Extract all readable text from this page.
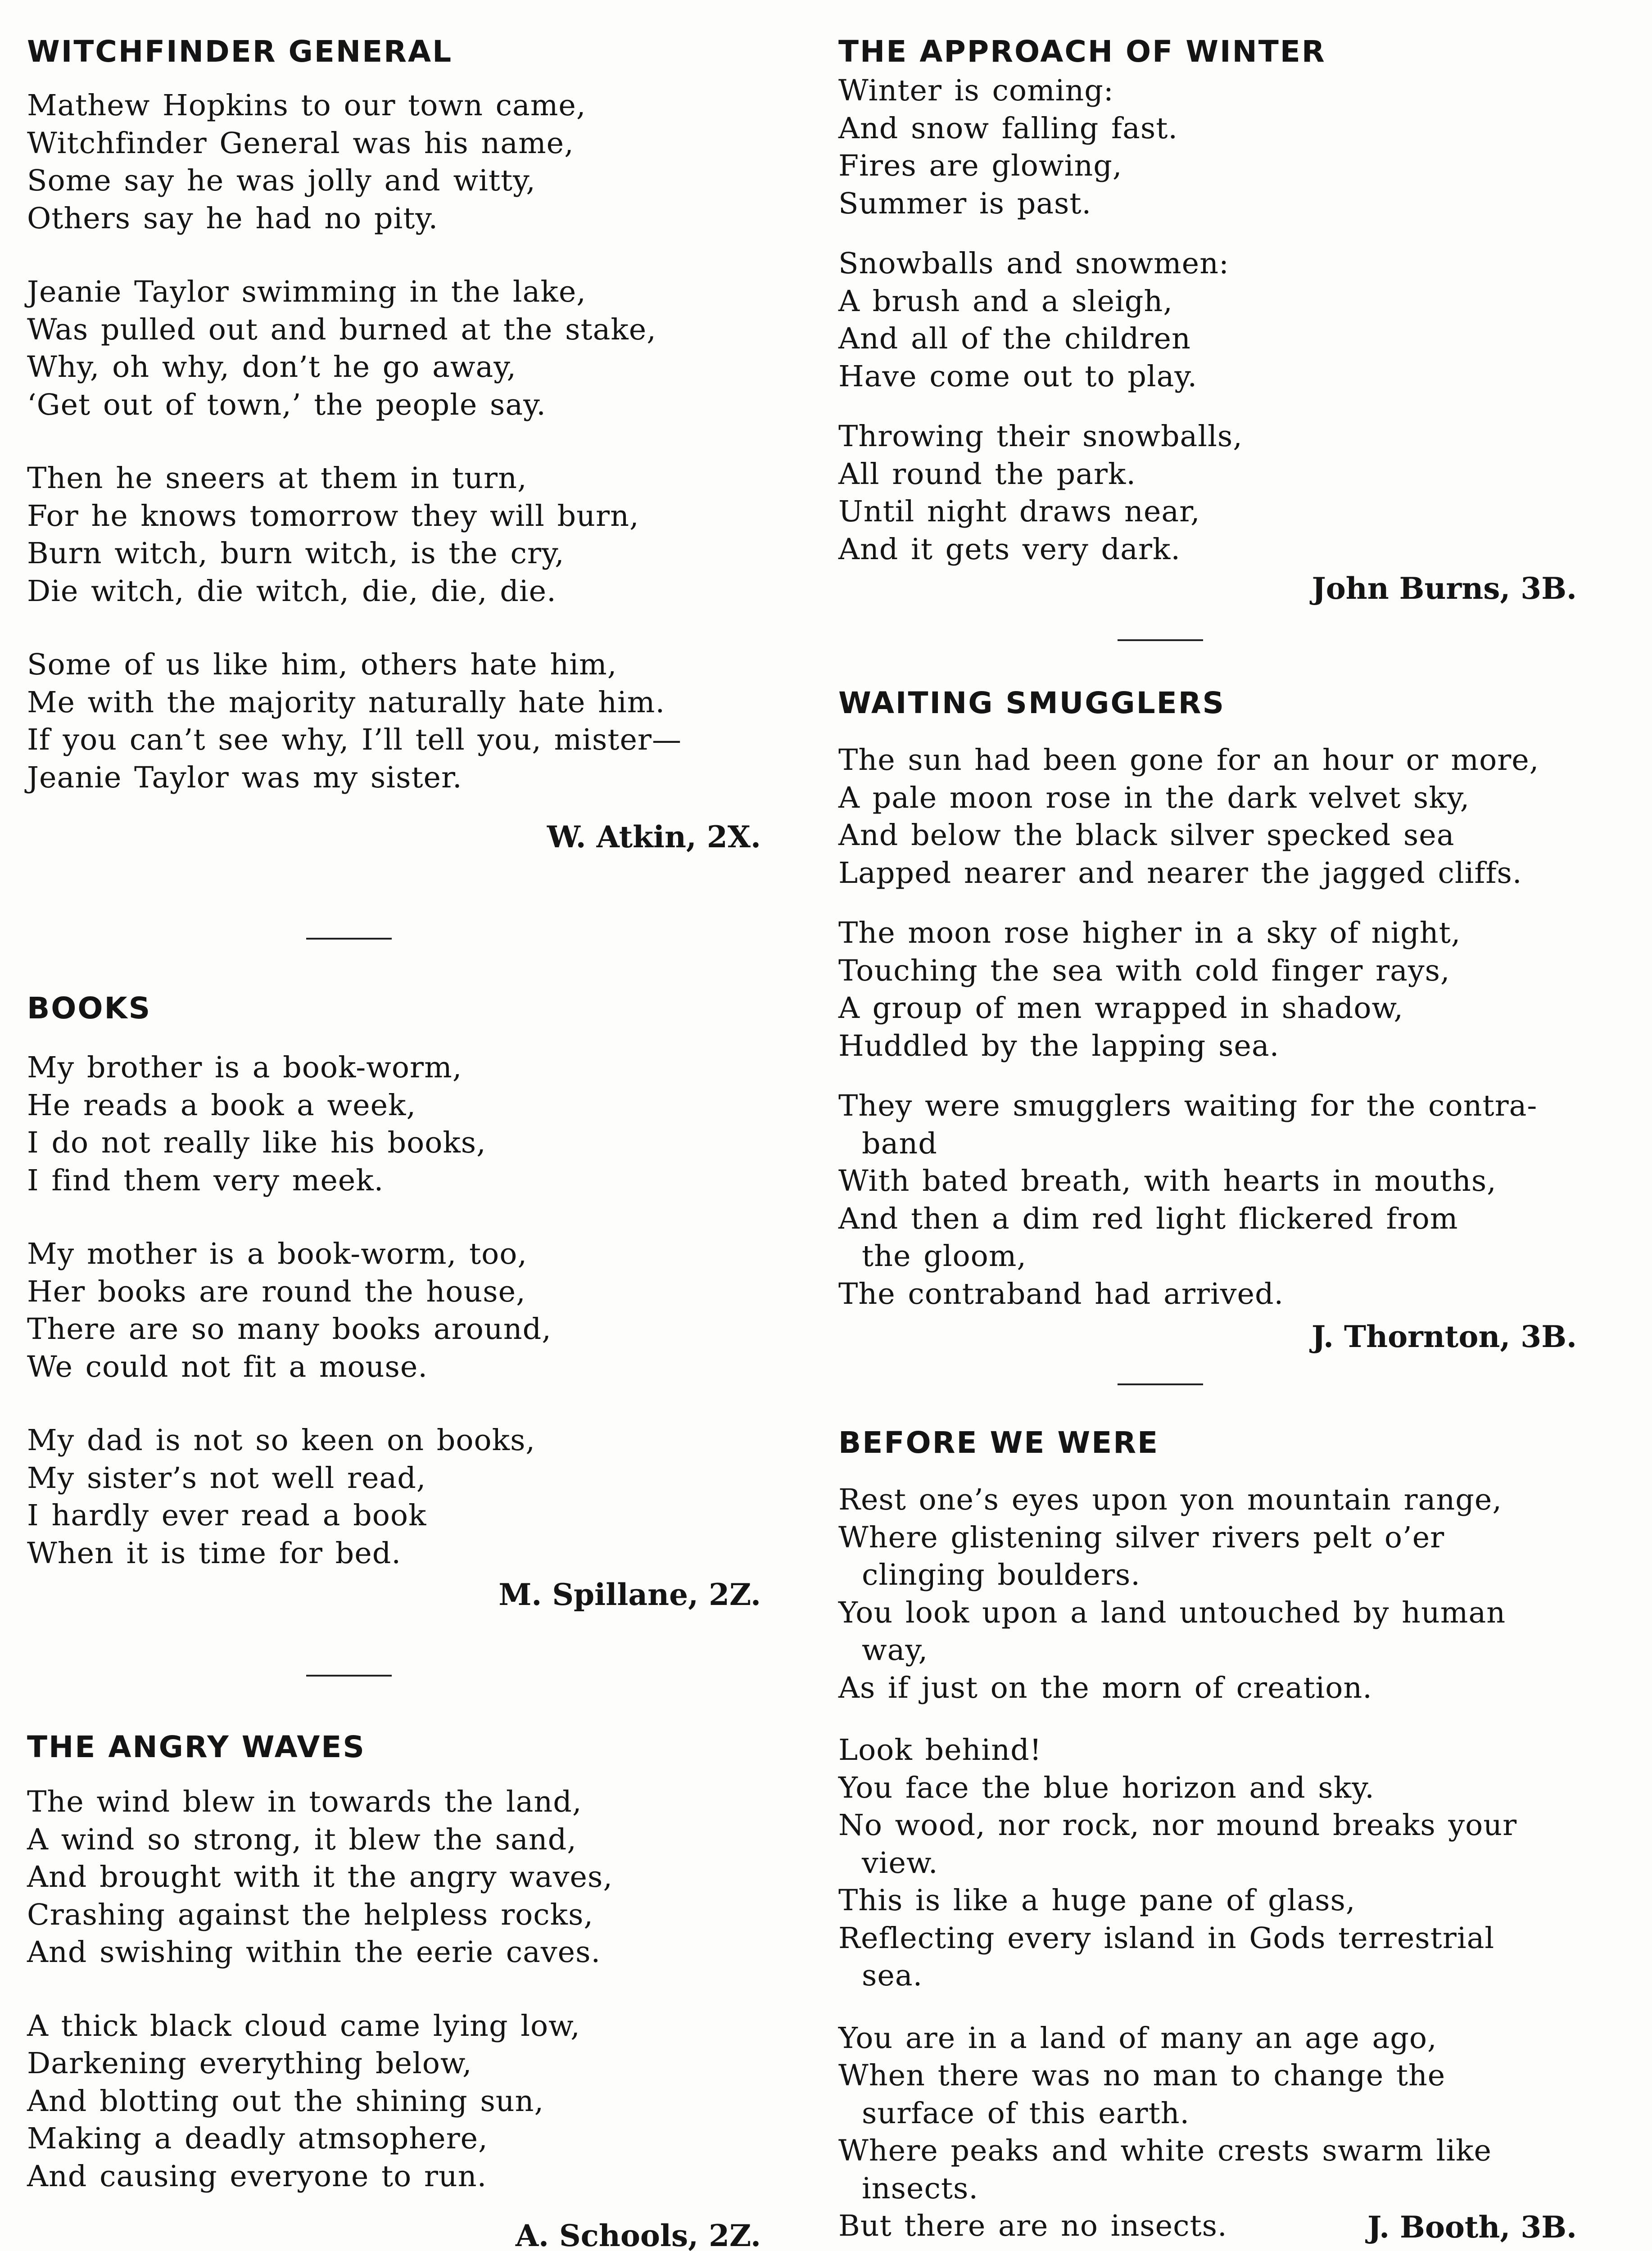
WITCHFINDER GENERAL
Mathew Hopkins to our town came,
Witchfinder General was his name,
Some say he was jolly and witty,
Others say he had no pity.
Jeanie Taylor swimming in the lake,
Was pulled out and burned at the stake,
Why, oh why, don’t he go away,
‘Get out of town,’ the people say.
Then he sneers at them in turn,
For he knows tomorrow they will burn,
Burn witch, burn witch, is the cry,
Die witch, die witch, die, die, die.
Some of us like him, others hate him,
Me with the majority naturally hate him.
If you can’t see why, I’ll tell you, mister—
Jeanie Taylor was my sister.
W. Atkin, 2X.
BOOKS
My brother is a book-worm,
He reads a book a week,
I do not really like his books,
I find them very meek.
My mother is a book-worm, too,
Her books are round the house,
There are so many books around,
We could not fit a mouse.
My dad is not so keen on books,
My sister’s not well read,
I hardly ever read a book
When it is time for bed.
M. Spillane, 2Z.
THE ANGRY WAVES
The wind blew in towards the land,
A wind so strong, it blew the sand,
And brought with it the angry waves,
Crashing against the helpless rocks,
And swishing within the eerie caves.
A thick black cloud came lying low,
Darkening everything below,
And blotting out the shining sun,
Making a deadly atmsophere,
And causing everyone to run.
A. Schools, 2Z.
THE APPROACH OF WINTER
Winter is coming:
And snow falling fast.
Fires are glowing,
Summer is past.
Snowballs and snowmen:
A brush and a sleigh,
And all of the children
Have come out to play.
Throwing their snowballs,
All round the park.
Until night draws near,
And it gets very dark.
John Burns, 3B.
WAITING SMUGGLERS
The sun had been gone for an hour or more,
A pale moon rose in the dark velvet sky,
And below the black silver specked sea
Lapped nearer and nearer the jagged cliffs.
The moon rose higher in a sky of night,
Touching the sea with cold finger rays,
A group of men wrapped in shadow,
Huddled by the lapping sea.
They were smugglers waiting for the contra-
band
With bated breath, with hearts in mouths,
And then a dim red light flickered from
the gloom,
The contraband had arrived.
J. Thornton, 3B.
BEFORE WE WERE
Rest one’s eyes upon yon mountain range,
Where glistening silver rivers pelt o’er
clinging boulders.
You look upon a land untouched by human
way,
As if just on the morn of creation.
Look behind!
You face the blue horizon and sky.
No wood, nor rock, nor mound breaks your
view.
This is like a huge pane of glass,
Reflecting every island in Gods terrestrial
sea.
You are in a land of many an age ago,
When there was no man to change the
surface of this earth.
Where peaks and white crests swarm like
insects.
But there are no insects.	J. Booth, 3B.
